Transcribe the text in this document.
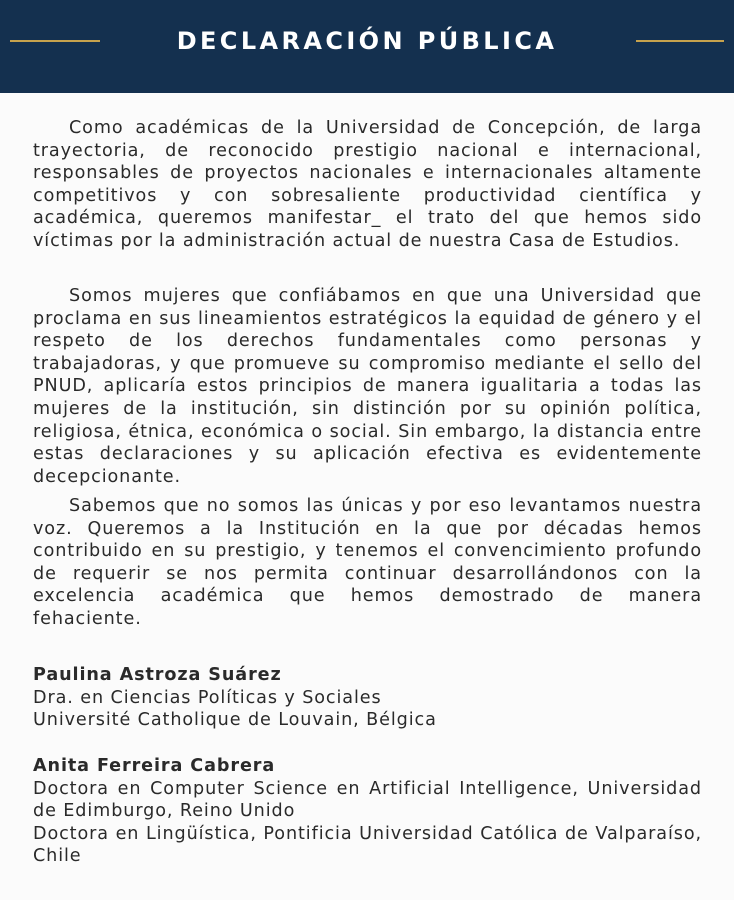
DECLARACIÓN PÚBLICA

Como académicas de la Universidad de Concepción, de larga trayectoria, de reconocido prestigio nacional e internacional, responsables de proyectos nacionales e internacionales altamente competitivos y con sobresaliente productividad científica y académica, queremos manifestar_ el trato del que hemos sido víctimas por la administración actual de nuestra Casa de Estudios.

Somos mujeres que confiábamos en que una Universidad que proclama en sus lineamientos estratégicos la equidad de género y el respeto de los derechos fundamentales como personas y trabajadoras, y que promueve su compromiso mediante el sello del PNUD, aplicaría estos principios de manera igualitaria a todas las mujeres de la institución, sin distinción por su opinión política, religiosa, étnica, económica o social. Sin embargo, la distancia entre estas declaraciones y su aplicación efectiva es evidentemente decepcionante.

Sabemos que no somos las únicas y por eso levantamos nuestra voz. Queremos a la Institución en la que por décadas hemos contribuido en su prestigio, y tenemos el convencimiento profundo de requerir se nos permita continuar desarrollándonos con la excelencia académica que hemos demostrado de manera fehaciente.

Paulina Astroza Suárez
Dra. en Ciencias Políticas y Sociales
Université Catholique de Louvain, Bélgica
Anita Ferreira Cabrera
Doctora en Computer Science en Artificial Intelligence, Universidad de Edimburgo, Reino Unido
Doctora en Lingüística, Pontificia Universidad Católica de Valparaíso, Chile
